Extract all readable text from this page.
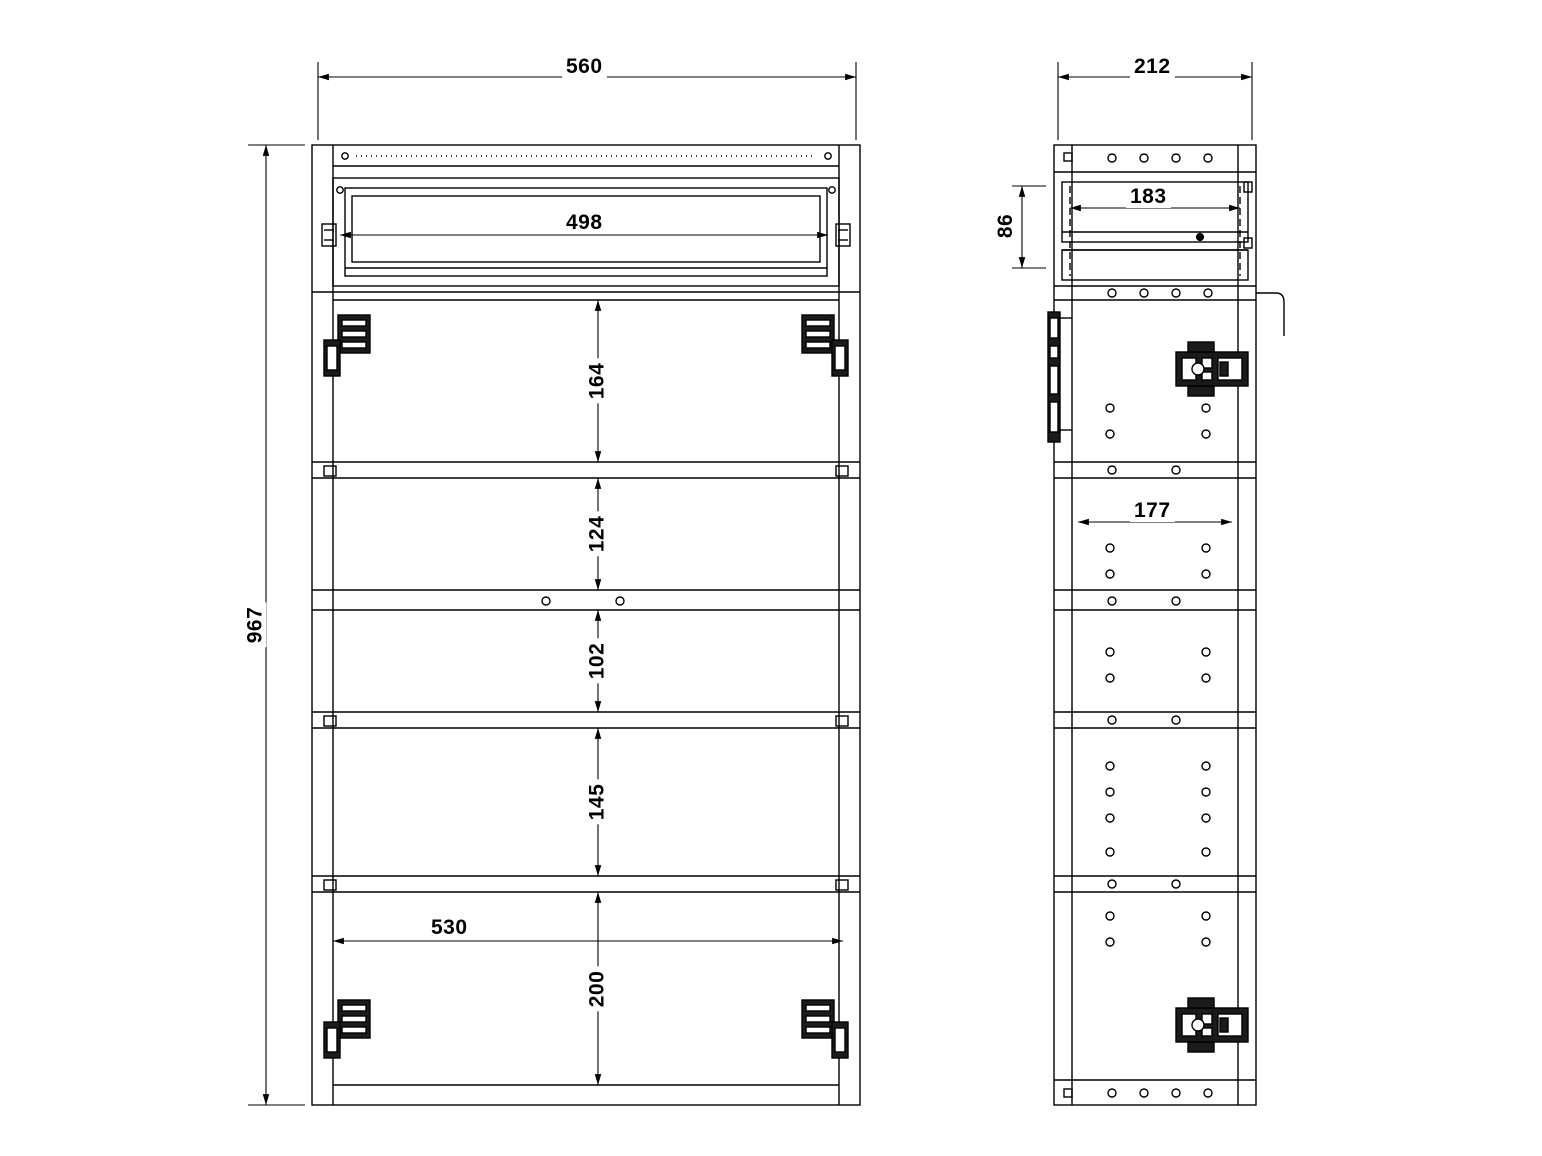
560
967
498
530
164
124
102
145
200
212
86
183
177
